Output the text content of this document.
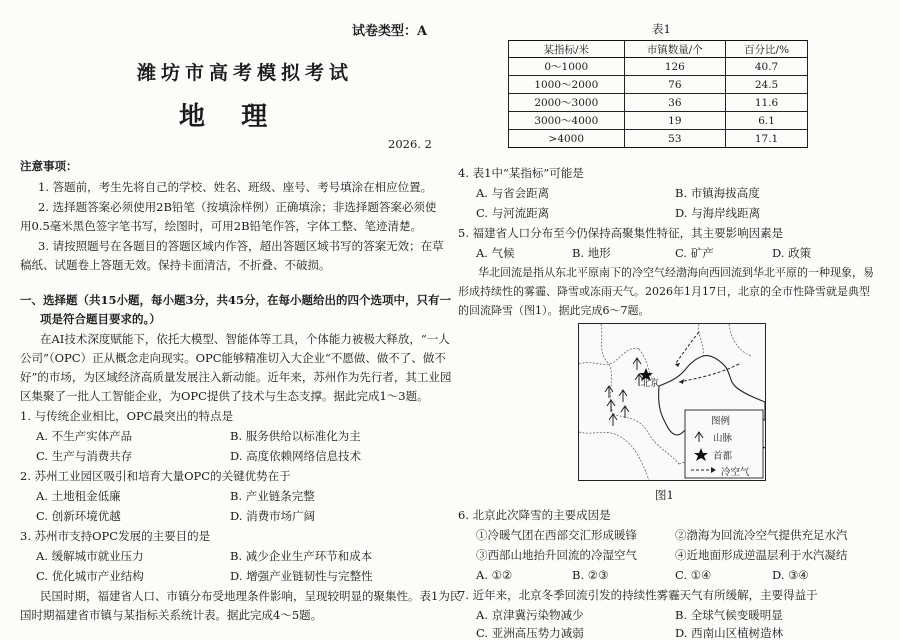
试卷类型：A
潍坊市高考模拟考试
地    理
2026. 2
注意事项：
1. 答题前，考生先将自己的学校、姓名、班级、座号、考号填涂在相应位置。
2. 选择题答案必须使用2B铅笔（按填涂样例）正确填涂；非选择题答案必须使
用0.5毫米黑色签字笔书写，绘图时，可用2B铅笔作答，字体工整、笔迹清楚。
3. 请按照题号在各题目的答题区域内作答，超出答题区域书写的答案无效；在草
稿纸、试题卷上答题无效。保持卡面清洁，不折叠、不破损。
一、选择题（共15小题，每小题3分，共45分，在每小题给出的四个选项中，只有一
项是符合题目要求的。）
在AI技术深度赋能下，依托大模型、智能体等工具，个体能力被极大释放，“一人
公司”（OPC）正从概念走向现实。OPC能够精准切入大企业“不愿做、做不了、做不
好”的市场，为区域经济高质量发展注入新动能。近年来，苏州作为先行者，其工业园
区集聚了一批人工智能企业，为OPC提供了技术与生态支撑。据此完成1～3题。
1. 与传统企业相比，OPC最突出的特点是
A. 不生产实体产品	B. 服务供给以标准化为主
C. 生产与消费共存	D. 高度依赖网络信息技术
2. 苏州工业园区吸引和培育大量OPC的关键优势在于
A. 土地租金低廉	B. 产业链条完整
C. 创新环境优越	D. 消费市场广阔
3. 苏州市支持OPC发展的主要目的是
A. 缓解城市就业压力	B. 减少企业生产环节和成本
C. 优化城市产业结构	D. 增强产业链韧性与完整性
民国时期，福建省人口、市镇分布受地理条件影响，呈现较明显的聚集性。表1为民
国时期福建省市镇与某指标关系统计表。据此完成4～5题。
表1
某指标/米	市镇数量/个	百分比/%
0～1000	126	40.7
1000～2000	76	24.5
2000～3000	36	11.6
3000～4000	19	6.1
>4000	53	17.1
4. 表1中“某指标”可能是
A. 与省会距离	B. 市镇海拔高度
C. 与河流距离	D. 与海岸线距离
5. 福建省人口分布至今仍保持高聚集性特征，其主要影响因素是
A. 气候	B. 地形	C. 矿产	D. 政策
华北回流是指从东北平原南下的冷空气经渤海向西回流到华北平原的一种现象，易
形成持续性的雾霾、降雪或冻雨天气。2026年1月17日，北京的全市性降雪就是典型
的回流降雪（图1）。据此完成6～7题。
北京
图例
山脉
首都
冷空气
图1
6. 北京此次降雪的主要成因是
①冷暖气团在西部交汇形成暖锋	②渤海为回流冷空气提供充足水汽
③西部山地抬升回流的冷湿空气	④近地面形成逆温层利于水汽凝结
A. ①②	B. ②③	C. ①④	D. ③④
7. 近年来，北京冬季回流引发的持续性雾霾天气有所缓解，主要得益于
A. 京津冀污染物减少	B. 全球气候变暖明显
C. 亚洲高压势力减弱	D. 西南山区植树造林
